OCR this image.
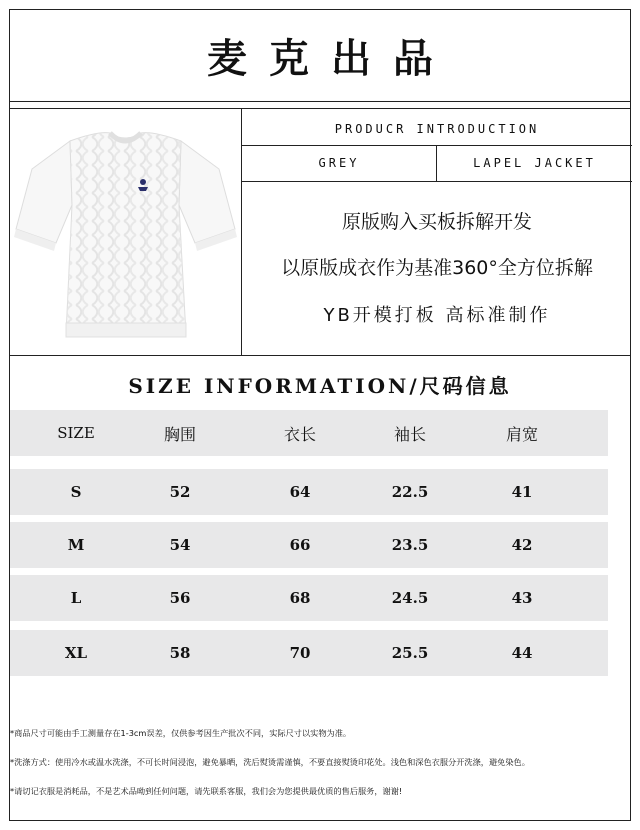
麦克出品
PRODUCR INTRODUCTION
GREY	LAPEL JACKET
原版购入买板拆解开发
以原版成衣作为基准360°全方位拆解
YB开模打板 高标准制作
SIZE INFORMATION/尺码信息
SIZE	胸围	衣长	袖长	肩宽
S	52	64	22.5	41
M	54	66	23.5	42
L	56	68	24.5	43
XL	58	70	25.5	44
*商品尺寸可能由手工测量存在1-3cm误差，仅供参考因生产批次不同，实际尺寸以实物为准。
*洗涤方式：使用冷水或温水洗涤，不可长时间浸泡，避免暴晒，洗后熨烫需谨慎，不要直接熨烫印花处。浅色和深色衣服分开洗涤，避免染色。
*请切记衣服是消耗品，不是艺术品呦到任何问题，请先联系客服，我们会为您提供最优质的售后服务，谢谢!
